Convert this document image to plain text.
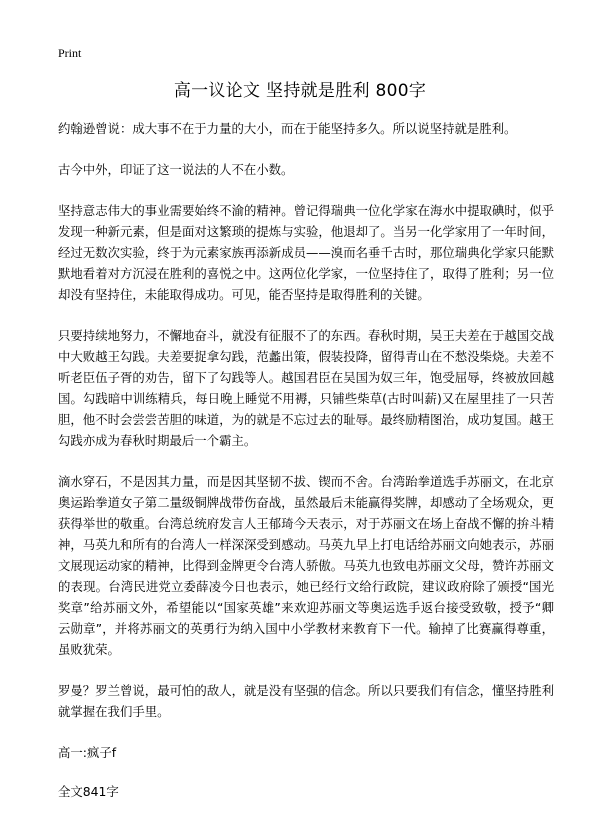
Print
高一议论文 坚持就是胜利 800字

约翰逊曾说：成大事不在于力量的大小，而在于能坚持多久。所以说坚持就是胜利。

古今中外，印证了这一说法的人不在小数。

坚持意志伟大的事业需要始终不渝的精神。曾记得瑞典一位化学家在海水中提取碘时，似乎发现一种新元素，但是面对这繁琐的提炼与实验，他退却了。当另一化学家用了一年时间，经过无数次实验，终于为元素家族再添新成员——溴而名垂千古时，那位瑞典化学家只能默默地看着对方沉浸在胜利的喜悦之中。这两位化学家，一位坚持住了，取得了胜利；另一位却没有坚持住，未能取得成功。可见，能否坚持是取得胜利的关键。

只要持续地努力，不懈地奋斗，就没有征服不了的东西。春秋时期，吴王夫差在于越国交战中大败越王勾践。夫差要捉拿勾践，范蠡出策，假装投降，留得青山在不愁没柴烧。夫差不听老臣伍子胥的劝告，留下了勾践等人。越国君臣在吴国为奴三年，饱受屈辱，终被放回越国。勾践暗中训练精兵，每日晚上睡觉不用褥，只铺些柴草(古时叫薪)又在屋里挂了一只苦胆，他不时会尝尝苦胆的味道，为的就是不忘过去的耻辱。最终励精图治，成功复国。越王勾践亦成为春秋时期最后一个霸主。

滴水穿石，不是因其力量，而是因其坚韧不拔、锲而不舍。台湾跆拳道选手苏丽文，在北京奥运跆拳道女子第二量级铜牌战带伤奋战，虽然最后未能赢得奖牌，却感动了全场观众，更获得举世的敬重。台湾总统府发言人王郁琦今天表示，对于苏丽文在场上奋战不懈的拚斗精神，马英九和所有的台湾人一样深深受到感动。马英九早上打电话给苏丽文向她表示，苏丽文展现运动家的精神，比得到金牌更令台湾人骄傲。马英九也致电苏丽文父母，赞许苏丽文的表现。台湾民进党立委薛凌今日也表示，她已经行文给行政院，建议政府除了颁授“国光奖章”给苏丽文外，希望能以“国家英雄”来欢迎苏丽文等奥运选手返台接受致敬，授予“卿云勋章”，并将苏丽文的英勇行为纳入国中小学教材来教育下一代。输掉了比赛赢得尊重，虽败犹荣。

罗曼？罗兰曾说，最可怕的敌人，就是没有坚强的信念。所以只要我们有信念，懂坚持胜利就掌握在我们手里。

高一:疯子f

全文841字
